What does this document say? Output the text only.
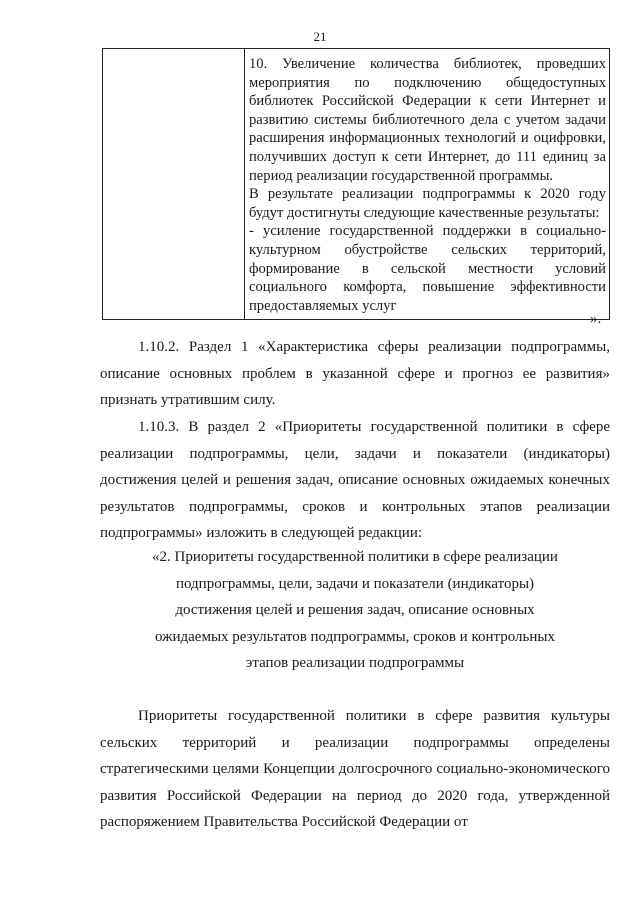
21

10. Увеличение количества библиотек, проведших мероприятия по подключению общедоступных библиотек Российской Федерации к сети Интернет и развитию системы библиотечного дела с учетом задачи расширения информационных технологий и оцифровки, получивших доступ к сети Интернет, до 111 единиц за период реализации государственной программы.
В результате реализации подпрограммы к 2020 году будут достигнуты следующие качественные результаты:
- усиление государственной поддержки в социально-культурном обустройстве сельских территорий, формирование в сельской местности условий социального комфорта, повышение эффективности предоставляемых услуг
».
1.10.2. Раздел 1 «Характеристика сферы реализации подпрограммы, описание основных проблем в указанной сфере и прогноз ее развития» признать утратившим силу.
1.10.3. В раздел 2 «Приоритеты государственной политики в сфере реализации подпрограммы, цели, задачи и показатели (индикаторы) достижения целей и решения задач, описание основных ожидаемых конечных результатов подпрограммы, сроков и контрольных этапов реализации подпрограммы» изложить в следующей редакции:
«2. Приоритеты государственной политики в сфере реализации
подпрограммы, цели, задачи и показатели (индикаторы)
достижения целей и решения задач, описание основных
ожидаемых результатов подпрограммы, сроков и контрольных
этапов реализации подпрограммы
Приоритеты государственной политики в сфере развития культуры сельских территорий и реализации подпрограммы определены стратегическими целями Концепции долгосрочного социально-экономического развития Российской Федерации на период до 2020 года, утвержденной распоряжением Правительства Российской Федерации от
